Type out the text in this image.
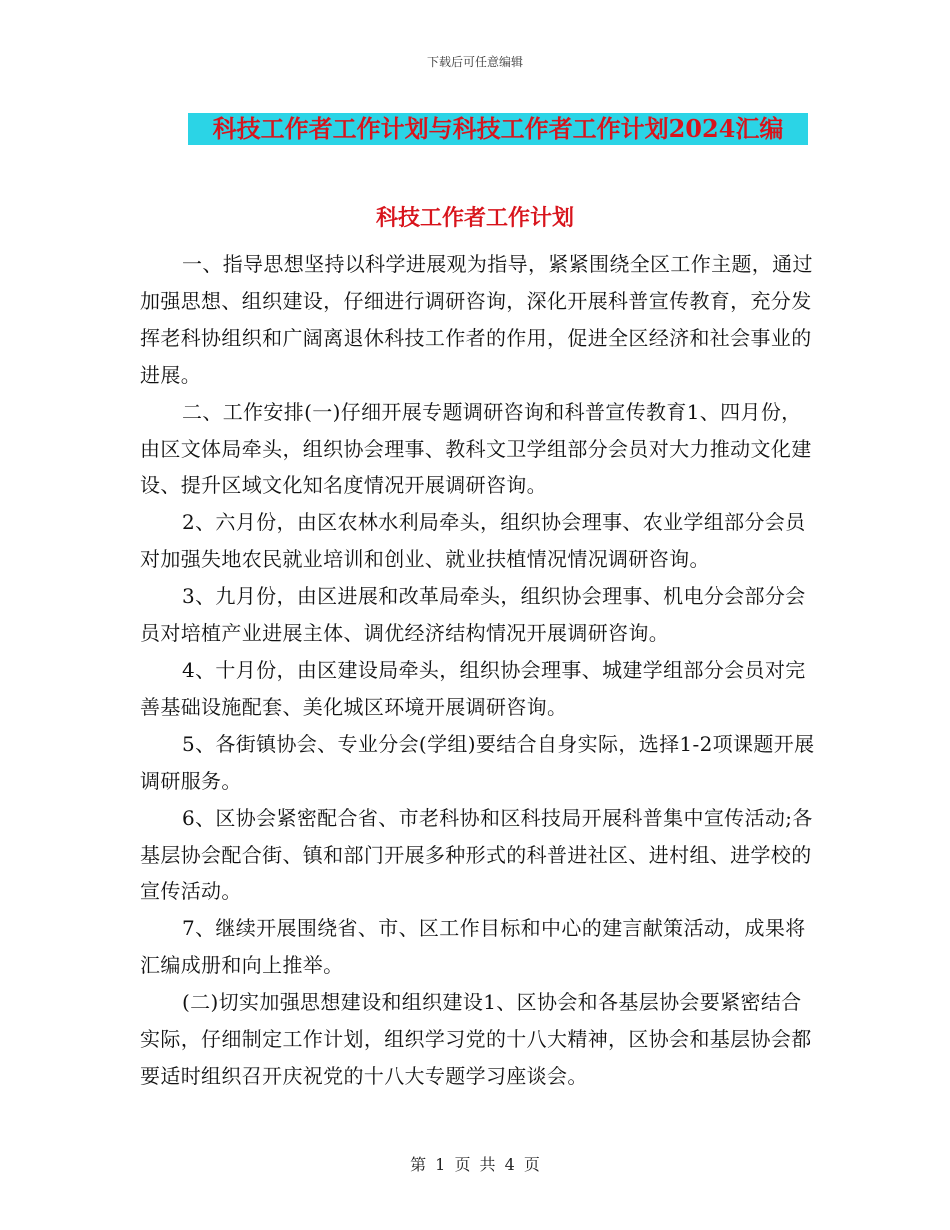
下载后可任意编辑
科技工作者工作计划与科技工作者工作计划2024汇编
科技工作者工作计划

一、指导思想坚持以科学进展观为指导，紧紧围绕全区工作主题，通过加强思想、组织建设，仔细进行调研咨询，深化开展科普宣传教育，充分发挥老科协组织和广阔离退休科技工作者的作用，促进全区经济和社会事业的进展。

二、工作安排(一)仔细开展专题调研咨询和科普宣传教育1、四月份，由区文体局牵头，组织协会理事、教科文卫学组部分会员对大力推动文化建设、提升区域文化知名度情况开展调研咨询。

2、六月份，由区农林水利局牵头，组织协会理事、农业学组部分会员对加强失地农民就业培训和创业、就业扶植情况情况调研咨询。

3、九月份，由区进展和改革局牵头，组织协会理事、机电分会部分会员对培植产业进展主体、调优经济结构情况开展调研咨询。

4、十月份，由区建设局牵头，组织协会理事、城建学组部分会员对完善基础设施配套、美化城区环境开展调研咨询。

5、各街镇协会、专业分会(学组)要结合自身实际，选择1-2项课题开展调研服务。

6、区协会紧密配合省、市老科协和区科技局开展科普集中宣传活动;各基层协会配合街、镇和部门开展多种形式的科普进社区、进村组、进学校的宣传活动。

7、继续开展围绕省、市、区工作目标和中心的建言献策活动，成果将汇编成册和向上推举。

(二)切实加强思想建设和组织建设1、区协会和各基层协会要紧密结合实际，仔细制定工作计划，组织学习党的十八大精神，区协会和基层协会都要适时组织召开庆祝党的十八大专题学习座谈会。

第 1 页 共 4 页
